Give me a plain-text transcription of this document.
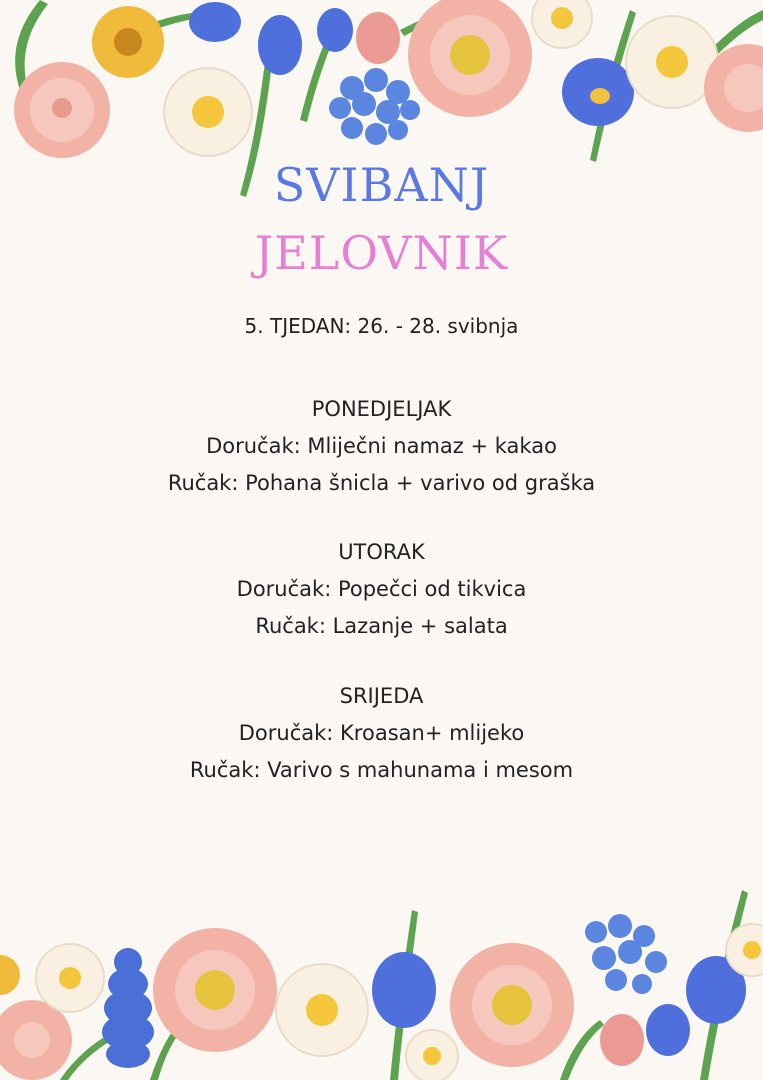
SVIBANJ
JELOVNIK
5. TJEDAN: 26. - 28. svibnja
PONEDJELJAK
Doručak: Mliječni namaz + kakao
Ručak: Pohana šnicla + varivo od graška
UTORAK
Doručak: Popečci od tikvica
Ručak: Lazanje + salata
SRIJEDA
Doručak: Kroasan+ mlijeko
Ručak: Varivo s mahunama i mesom
